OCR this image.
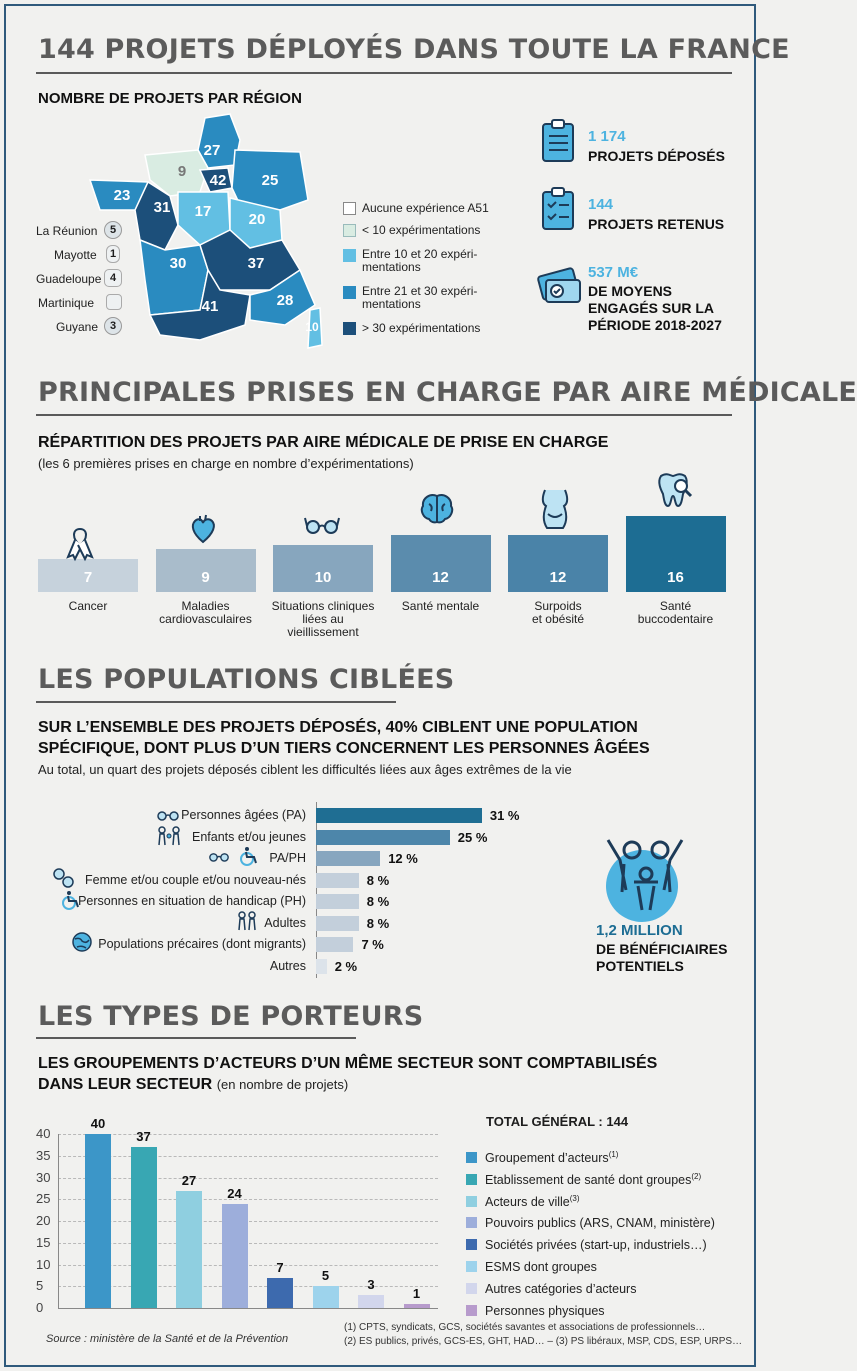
144 PROJETS DÉPLOYÉS DANS TOUTE LA FRANCE
NOMBRE DE PROJETS PAR RÉGION
27
9
42 25
23
31 17 20
30	37
41	28
10
La Réunion	5
Mayotte	1
Guadeloupe 4
Martinique
Guyane	3
Aucune expérience A51
< 10 expérimentations
Entre 10 et 20 expéri-
mentations
Entre 21 et 30 expéri-
mentations
> 30 expérimentations
1 174
PROJETS DÉPOSÉS
144
PROJETS RETENUS
537 M€
DE MOYENS
ENGAGÉS SUR LA
PÉRIODE 2018-2027
PRINCIPALES PRISES EN CHARGE PAR AIRE MÉDICALE
RÉPARTITION DES PROJETS PAR AIRE MÉDICALE DE PRISE EN CHARGE
(les 6 premières prises en charge en nombre d’expérimentations)
7
Cancer
9
Maladies
cardiovasculaires
10
Situations cliniques
liées au vieillissement
12
Santé mentale
12
Surpoids
et obésité
16
Santé
buccodentaire
LES POPULATIONS CIBLÉES
SUR L’ENSEMBLE DES PROJETS DÉPOSÉS, 40% CIBLENT UNE POPULATION
SPÉCIFIQUE, DONT PLUS D’UN TIERS CONCERNENT LES PERSONNES ÂGÉES
Au total, un quart des projets déposés ciblent les difficultés liées aux âges extrêmes de la vie
31 %
Personnes âgées (PA)
25 %
Enfants et/ou jeunes
12 %
PA/PH
8 %
Femme et/ou couple et/ou nouveau-nés
8 %
Personnes en situation de handicap (PH)
8 %
Adultes
7 %
Populations précaires (dont migrants)
2 %
Autres
1,2 MILLION
DE BÉNÉFICIAIRES
POTENTIELS
LES TYPES DE PORTEURS
LES GROUPEMENTS D’ACTEURS D’UN MÊME SECTEUR SONT COMPTABILISÉS
DANS LEUR SECTEUR (en nombre de projets)
0
5
10
15
20
25
30
35
40
40
37
27
24
7
5
3
1
TOTAL GÉNÉRAL : 144
Groupement d’acteurs$^{(1)}$
Etablissement de santé dont groupes$^{(2)}$
Acteurs de ville$^{(3)}$
Pouvoirs publics (ARS, CNAM, ministère)
Sociétés privées (start-up, industriels…)
ESMS dont groupes
Autres catégories d’acteurs
Personnes physiques
Source : ministère de la Santé et de la Prévention
(1) CPTS, syndicats, GCS, sociétés savantes et associations de professionnels…
(2) ES publics, privés, GCS-ES, GHT, HAD… – (3) PS libéraux, MSP, CDS, ESP, URPS…
